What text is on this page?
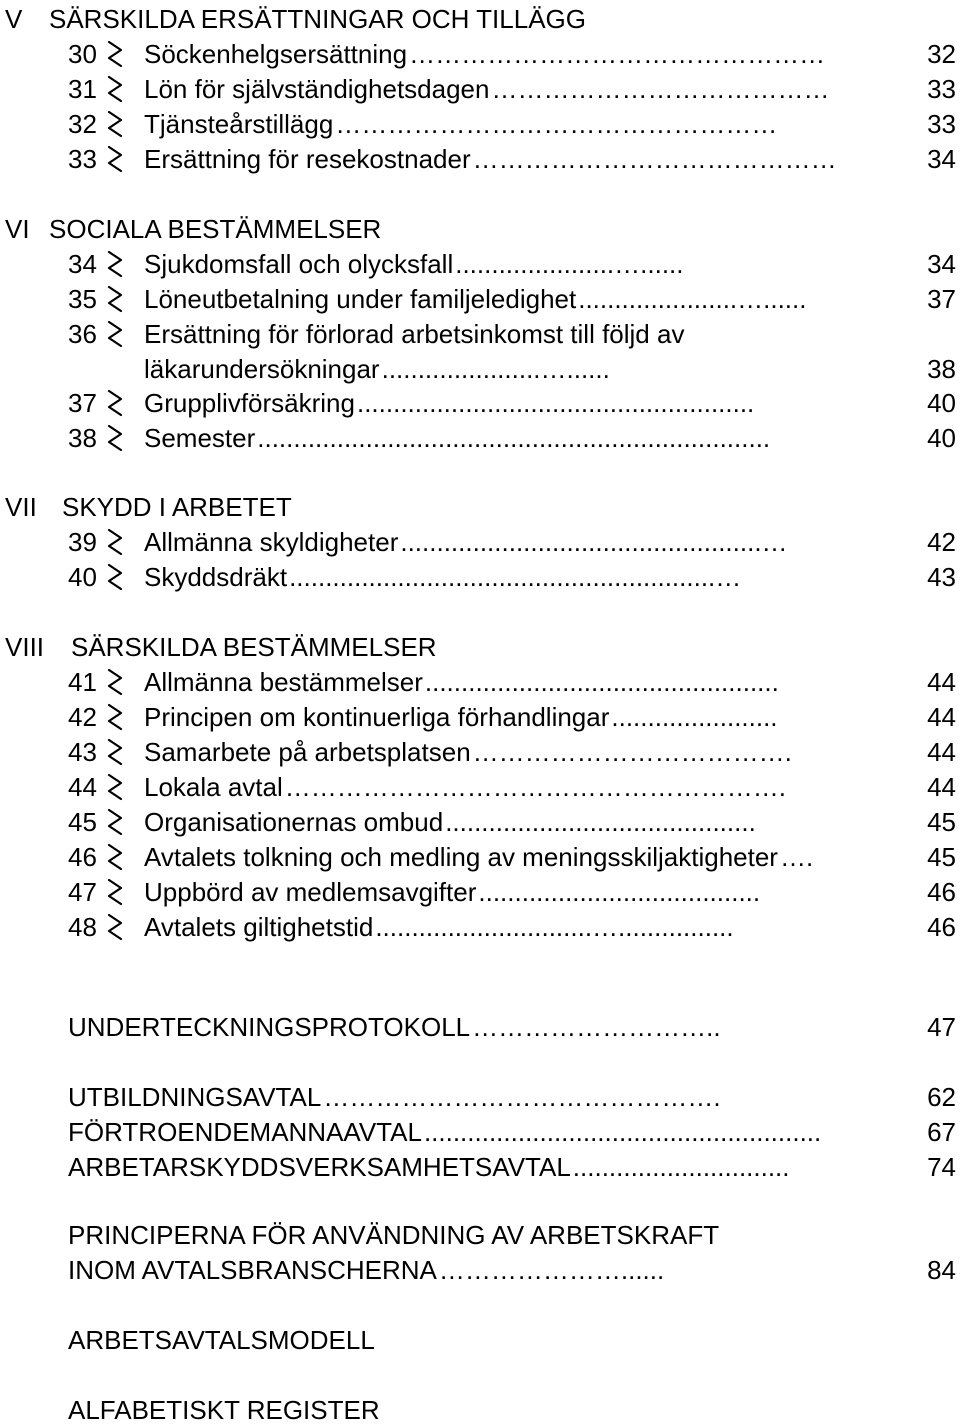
V SÄRSKILDA ERSÄTTNINGAR OCH TILLÄGG
30 Söckenhelgsersättning …………………………………………	32
31 Lön för självständighetsdagen …………………………………	33
32 Tjänsteårstillägg ……………………………………………	33
33 Ersättning för resekostnader ……………………………………	34
VI SOCIALA BESTÄMMELSER
34 Sjukdomsfall och olycksfall ......................…......	34
35 Löneutbetalning under familjeledighet ......................…......	37
36 Ersättning för förlorad arbetsinkomst till följd av
läkarundersökningar ......................…......	38
37 Grupplivförsäkring .......................................................	40
38 Semester .......................................................................	40
VII SKYDD I ARBETET
39 Allmänna skyldigheter ..................................................…	42
40 Skyddsdräkt ...........................................................…	43
VIII SÄRSKILDA BESTÄMMELSER
41 Allmänna bestämmelser .................................................	44
42 Principen om kontinuerliga förhandlingar .......................	44
43 Samarbete på arbetsplatsen ……………………………….	44
44 Lokala avtal ………………………………………………….	44
45 Organisationernas ombud ...........................................	45
46 Avtalets tolkning och medling av meningsskiljaktigheter ….	45
47 Uppbörd av medlemsavgifter .......................................	46
48 Avtalets giltighetstid ..............................…................	46
UNDERTECKNINGSPROTOKOLL ………………………..	47
UTBILDNINGSAVTAL ……………………………………….	62
FÖRTROENDEMANNAAVTAL .......................................................	67
ARBETARSKYDDSVERKSAMHETSAVTAL ..............................	74
PRINCIPERNA FÖR ANVÄNDNING AV ARBETSKRAFT
INOM AVTALSBRANSCHERNA …………………......	84
ARBETSAVTALSMODELL
ALFABETISKT REGISTER
